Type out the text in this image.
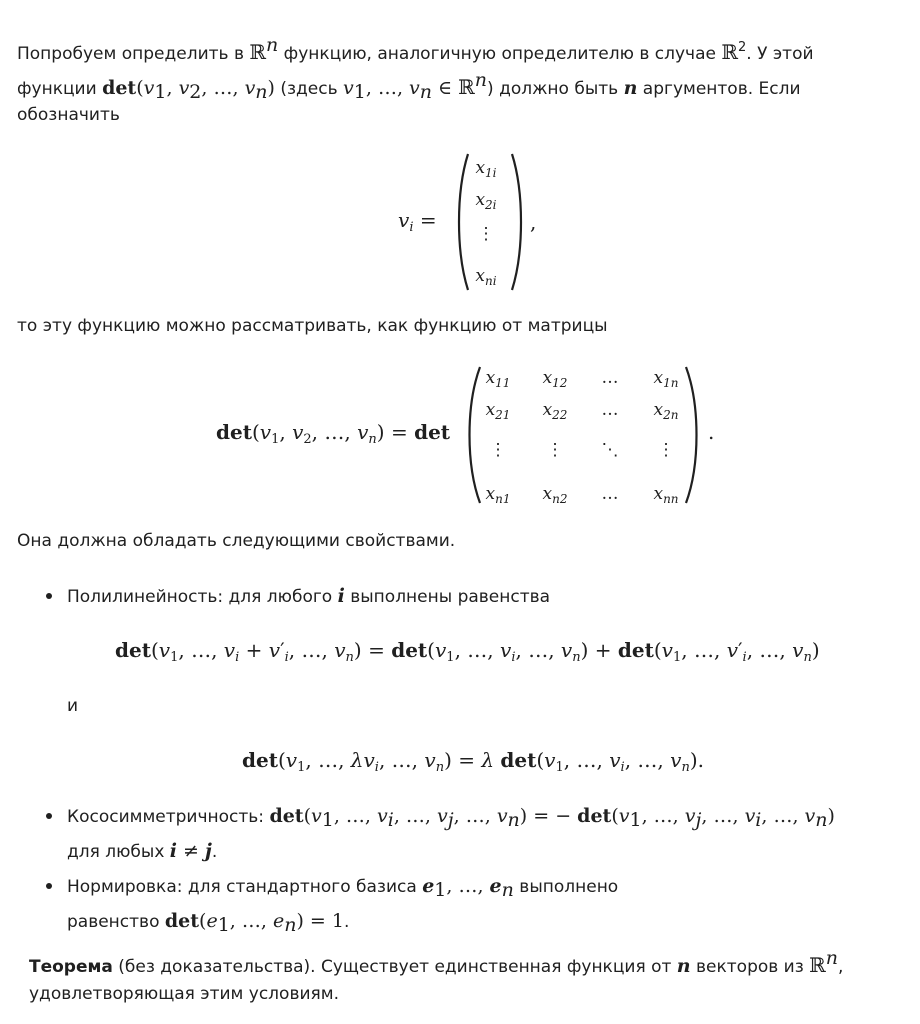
Попробуем определить в ℝ$^n$ функцию, аналогичную определителю в случае ℝ$^2$. У этой
функции $\det(v_1$, $v_2$, …, $v_n$) (здесь $v_1$, …, $v_n$ ∈ ℝ$^n$) должно быть n аргументов. Если
обозначить
$v_i$ =
$x_{1i}$
$x_{2i}$
⋮
$x_{ni}$
,
то эту функцию можно рассматривать, как функцию от матрицы
$\det(v_1$, $v_2$, …, $v_n) = \det$
$x_{11}$	$x_{12}$	…	$x_{1n}$
$x_{21}$	$x_{22}$	…	$x_{2n}$
⋮	⋮	⋱	⋮
$x_{n1}$	$x_{n2}$	…	$x_{nn}$
.
Она должна обладать следующими свойствами.
Полилинейность: для любого i выполнены равенства
$\det(v_1$, …, $v_i + v'_i$, …, $v_n) = \det(v_1$, …, $v_i$, …, $v_n) + \det(v_1$, …, $v'_i$, …, $v_n$)
и
$\det(v_1$, …, $\lambda v_i$, …, $v_n) = \lambda$ $\det(v_1$, …, $v_i$, …, $v_n$).
Кососимметричность: $\det(v_1$, …, $v_i$, …, $v_j$, …, $v_n$) = − $\det(v_1$, …, $v_j$, …, $v_i$, …, $v_n$)
для любых i ≠ j.
Нормировка: для стандартного базиса $e_1$, …, $e_n$ выполнено
равенство $\det(e_1$, …, $e_n) = 1$.
Теорема (без доказательства). Существует единственная функция от n векторов из ℝ$^n$,
удовлетворяющая этим условиям.
